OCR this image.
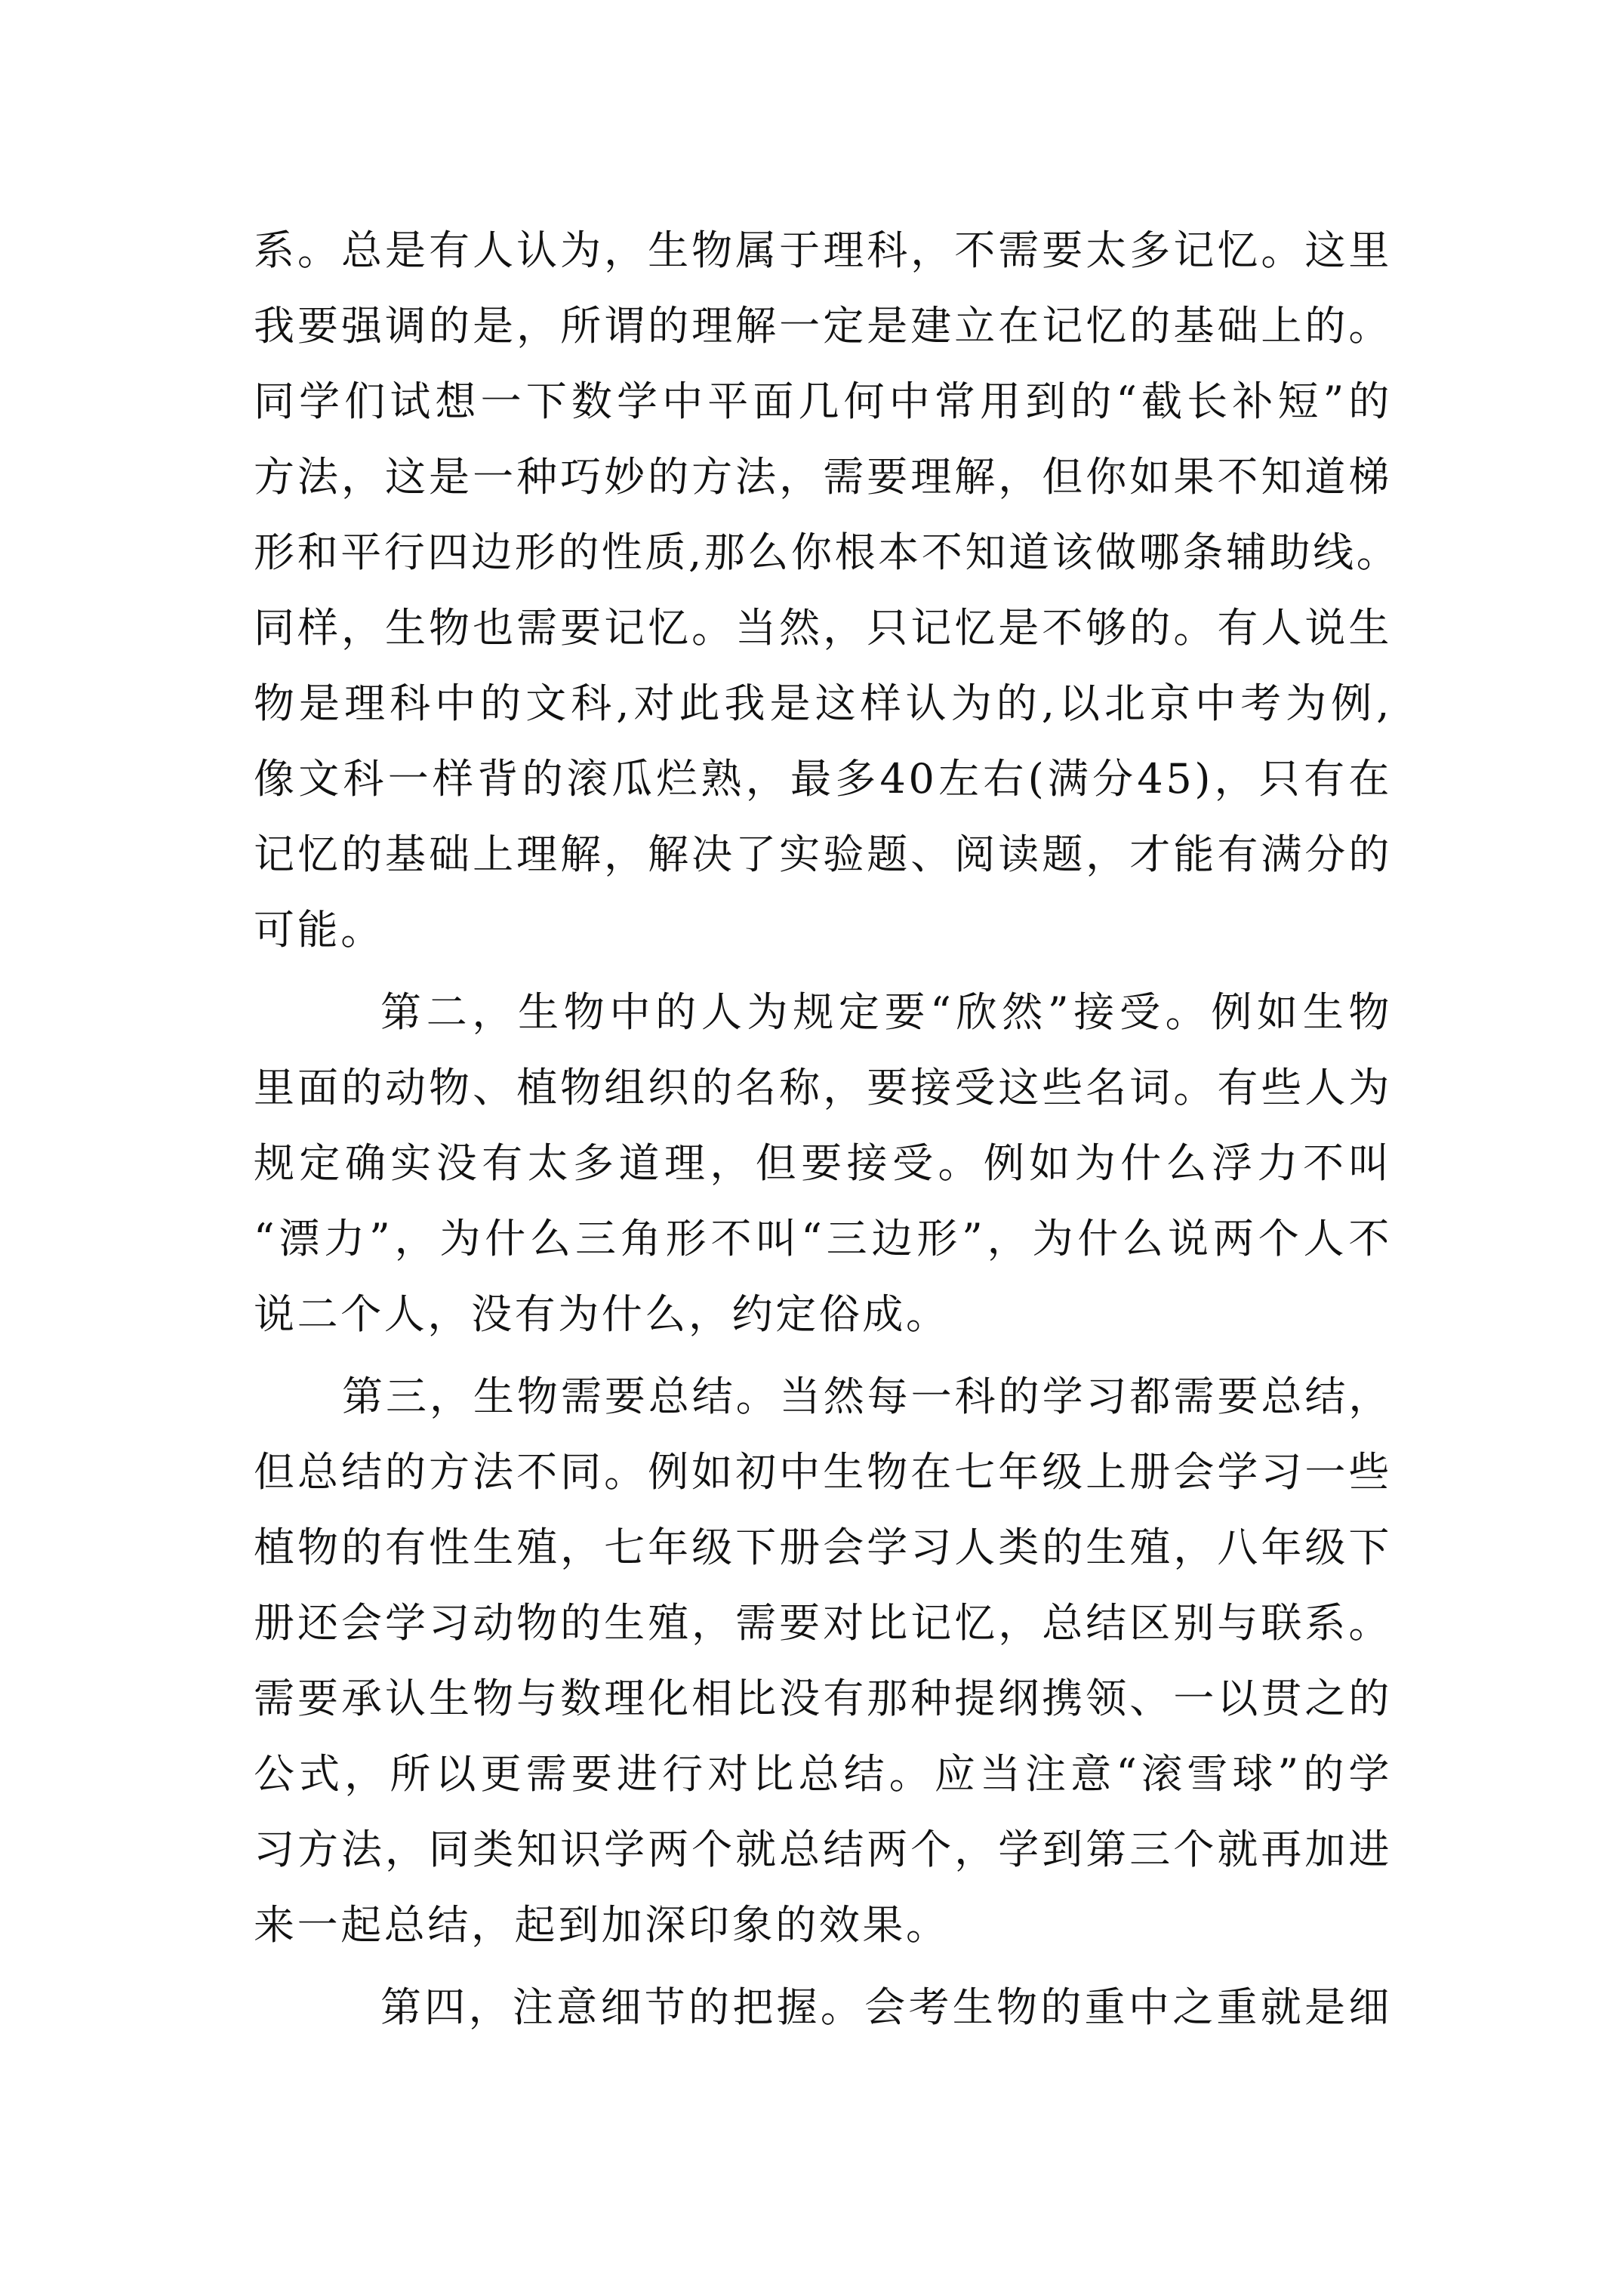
系。总是有人认为，生物属于理科，不需要太多记忆。这里
我要强调的是，所谓的理解一定是建立在记忆的基础上的。
同学们试想一下数学中平面几何中常用到的“截长补短”的
方法，这是一种巧妙的方法，需要理解，但你如果不知道梯
形和平行四边形的性质,那么你根本不知道该做哪条辅助线。
同样，生物也需要记忆。当然，只记忆是不够的。有人说生
物是理科中的文科,对此我是这样认为的,以北京中考为例,
像文科一样背的滚瓜烂熟，最多40左右(满分45)，只有在
记忆的基础上理解，解决了实验题、阅读题，才能有满分的
可能。
第二，生物中的人为规定要“欣然”接受。例如生物
里面的动物、植物组织的名称，要接受这些名词。有些人为
规定确实没有太多道理，但要接受。例如为什么浮力不叫
“漂力”，为什么三角形不叫“三边形”，为什么说两个人不
说二个人，没有为什么，约定俗成。
第三，生物需要总结。当然每一科的学习都需要总结，
但总结的方法不同。例如初中生物在七年级上册会学习一些
植物的有性生殖，七年级下册会学习人类的生殖，八年级下
册还会学习动物的生殖，需要对比记忆，总结区别与联系。
需要承认生物与数理化相比没有那种提纲携领、一以贯之的
公式，所以更需要进行对比总结。应当注意“滚雪球”的学
习方法，同类知识学两个就总结两个，学到第三个就再加进
来一起总结，起到加深印象的效果。
第四，注意细节的把握。会考生物的重中之重就是细
